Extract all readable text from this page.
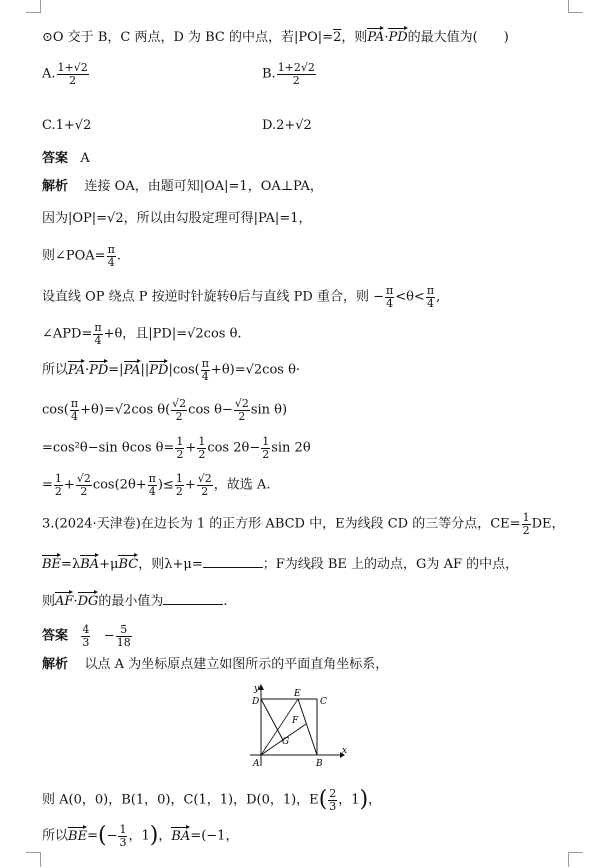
⊙O 交于 B，C 两点，D 为 BC 的中点，若|PO|=2，则PA·PD的最大值为(　　)
A. $\frac{1+√2}{2}$	B. $\frac{1+2√2}{2}$
C.1+√2	D.2+√2
答案 A
解析 连接 OA，由题可知|OA|=1，OA⊥PA，
因为|OP|=√2，所以由勾股定理可得|PA|=1，
则∠POA= $\frac{\pi}{4}$ .
设直线 OP 绕点 P 按逆时针旋转θ后与直线 PD 重合，则 − $\frac{\pi}{4} <\theta< \frac{\pi}{4}$ ,
∠APD= $\frac{\pi}{4} +\theta$，且|PD|=√2cos θ.
所以$PA\cdot PD=|PA||PD|\cos( \frac{\pi}{4} +\theta)=√2\cos$ θ·
$\cos( \frac{\pi}{4} +\theta)=√2\cos$ $\theta( \frac{√2}{2}$ $\cos \theta- \frac{√2}{2}$ sin θ)
=cos²θ−sin θcos $\theta= \frac{1}{2} + \frac{1}{2}$ $\cos 2\theta- \frac{1}{2}$ sin 2θ
= $\frac{1}{2} + \frac{√2}{2} \cos(2\theta+ \frac{\pi}{4}$ )≤ $\frac{1}{2} + \frac{√2}{2}$ ，故选 A.
3.(2024·天津卷)在边长为 1 的正方形 ABCD 中，E为线段 CD 的三等分点，$CE= \frac{1}{2}$ DE，
BE=λBA+μBC，则λ+μ=	；F为线段 BE 上的动点，G为 AF 的中点，
则AF·DG的最小值为	.
答案 $\frac{4}{3} - \frac{5}{18}$
解析 以点 A 为坐标原点建立如图所示的平面直角坐标系，
x
y
A	B
C
D
E
F
G
则 A(0，0)，B(1，0)，C(1，1)，D(0，1)，$E( \frac{2}{3}$ ，1)，
所以$BE=(- \frac{1}{3}$ ，1)，BA=(−1，
